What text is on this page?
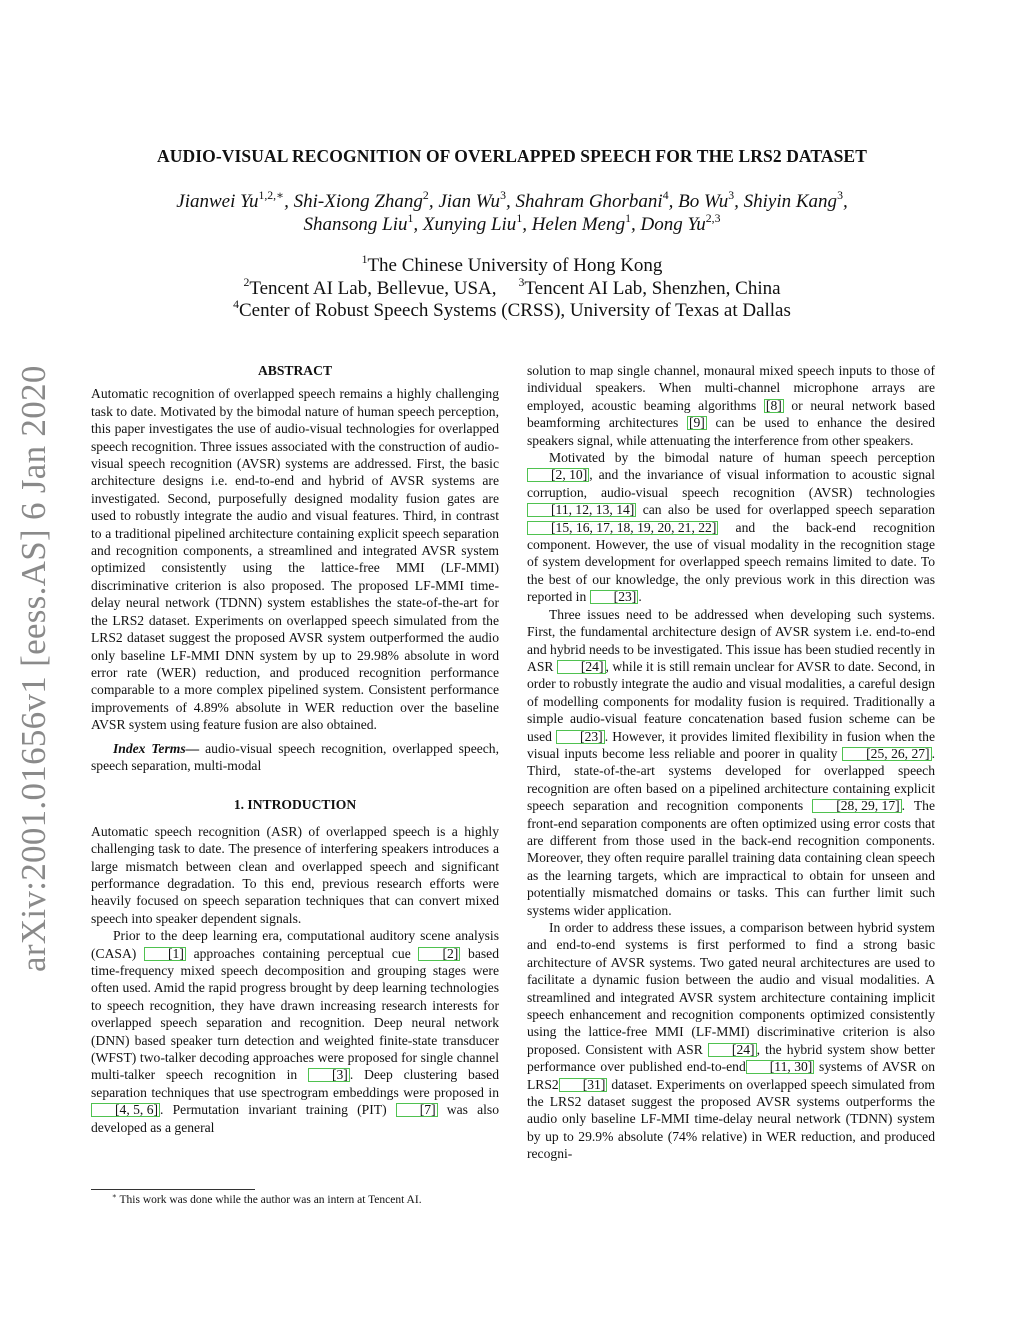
arXiv:2001.01656v1 [eess.AS] 6 Jan 2020
AUDIO-VISUAL RECOGNITION OF OVERLAPPED SPEECH FOR THE LRS2 DATASET
Jianwei $Yu^{1,2,∗}$, Shi-Xiong Zhang$^2$, Jian Wu$^3$, Shahram Ghorbani$^4$, Bo Wu$^3$, Shiyin Kang$^3$,
Shansong Liu$^1$, Xunying Liu$^1$, Helen Meng$^1$, Dong Yu$^{2,3}$
$^1$The Chinese University of Hong Kong
$^2$Tencent AI Lab, Bellevue, USA, $^3$Tencent AI Lab, Shenzhen, China
$^4$Center of Robust Speech Systems (CRSS), University of Texas at Dallas

ABSTRACT

Automatic recognition of overlapped speech remains a highly challenging task to date. Motivated by the bimodal nature of human speech perception, this paper investigates the use of audio-visual technologies for overlapped speech recognition. Three issues associated with the construction of audio-visual speech recognition (AVSR) systems are addressed. First, the basic architecture designs i.e. end-to-end and hybrid of AVSR systems are investigated. Second, purposefully designed modality fusion gates are used to robustly integrate the audio and visual features. Third, in contrast to a traditional pipelined architecture containing explicit speech separation and recognition components, a streamlined and integrated AVSR system optimized consistently using the lattice-free MMI (LF-MMI) discriminative criterion is also proposed. The proposed LF-MMI time-delay neural network (TDNN) system establishes the state-of-the-art for the LRS2 dataset. Experiments on overlapped speech simulated from the LRS2 dataset suggest the proposed AVSR system outperformed the audio only baseline LF-MMI DNN system by up to 29.98% absolute in word error rate (WER) reduction, and produced recognition performance comparable to a more complex pipelined system. Consistent performance improvements of 4.89% absolute in WER reduction over the baseline AVSR system using feature fusion are also obtained.

Index Terms— audio-visual speech recognition, overlapped speech, speech separation, multi-modal

1. INTRODUCTION

Automatic speech recognition (ASR) of overlapped speech is a highly challenging task to date. The presence of interfering speakers introduces a large mismatch between clean and overlapped speech and significant performance degradation. To this end, previous research efforts were heavily focused on speech separation techniques that can convert mixed speech into speaker dependent signals.

Prior to the deep learning era, computational auditory scene analysis (CASA) [1] approaches containing perceptual cue [2] based time-frequency mixed speech decomposition and grouping stages were often used. Amid the rapid progress brought by deep learning technologies to speech recognition, they have drawn increasing research interests for overlapped speech separation and recognition. Deep neural network (DNN) based speaker turn detection and weighted finite-state transducer (WFST) two-talker decoding approaches were proposed for single channel multi-talker speech recognition in [3] . Deep clustering based separation techniques that use spectrogram embeddings were proposed in [4, 5, 6] . Permutation invariant training (PIT) [7] was also developed as a general

∗ This work was done while the author was an intern at Tencent AI.

solution to map single channel, monaural mixed speech inputs to those of individual speakers. When multi-channel microphone arrays are employed, acoustic beaming algorithms [8] or neural network based beamforming architectures [9] can be used to enhance the desired speakers signal, while attenuating the interference from other speakers.

Motivated by the bimodal nature of human speech perception [2, 10] , and the invariance of visual information to acoustic signal corruption, audio-visual speech recognition (AVSR) technologies [11, 12, 13, 14] can also be used for overlapped speech separation [15, 16, 17, 18, 19, 20, 21, 22] and the back-end recognition component. However, the use of visual modality in the recognition stage of system development for overlapped speech remains limited to date. To the best of our knowledge, the only previous work in this direction was reported in [23] .

Three issues need to be addressed when developing such systems. First, the fundamental architecture design of AVSR system i.e. end-to-end and hybrid needs to be investigated. This issue has been studied recently in ASR [24] , while it is still remain unclear for AVSR to date. Second, in order to robustly integrate the audio and visual modalities, a careful design of modelling components for modality fusion is required. Traditionally a simple audio-visual feature concatenation based fusion scheme can be used [23] . However, it provides limited flexibility in fusion when the visual inputs become less reliable and poorer in quality [25, 26, 27] . Third, state-of-the-art systems developed for overlapped speech recognition are often based on a pipelined architecture containing explicit speech separation and recognition components [28, 29, 17] . The front-end separation components are often optimized using error costs that are different from those used in the back-end recognition components. Moreover, they often require parallel training data containing clean speech as the learning targets, which are impractical to obtain for unseen and potentially mismatched domains or tasks. This can further limit such systems wider application.

In order to address these issues, a comparison between hybrid system and end-to-end systems is first performed to find a strong basic architecture of AVSR systems. Two gated neural architectures are used to facilitate a dynamic fusion between the audio and visual modalities. A streamlined and integrated AVSR system architecture containing implicit speech enhancement and recognition components optimized consistently using the lattice-free MMI (LF-MMI) discriminative criterion is also proposed. Consistent with ASR [24] , the hybrid system show better performance over published end-to-end [11, 30] systems of AVSR on LRS2 [31] dataset. Experiments on overlapped speech simulated from the LRS2 dataset suggest the proposed AVSR systems outperforms the audio only baseline LF-MMI time-delay neural network (TDNN) system by up to 29.9% absolute (74% relative) in WER reduction, and produced recogni-
